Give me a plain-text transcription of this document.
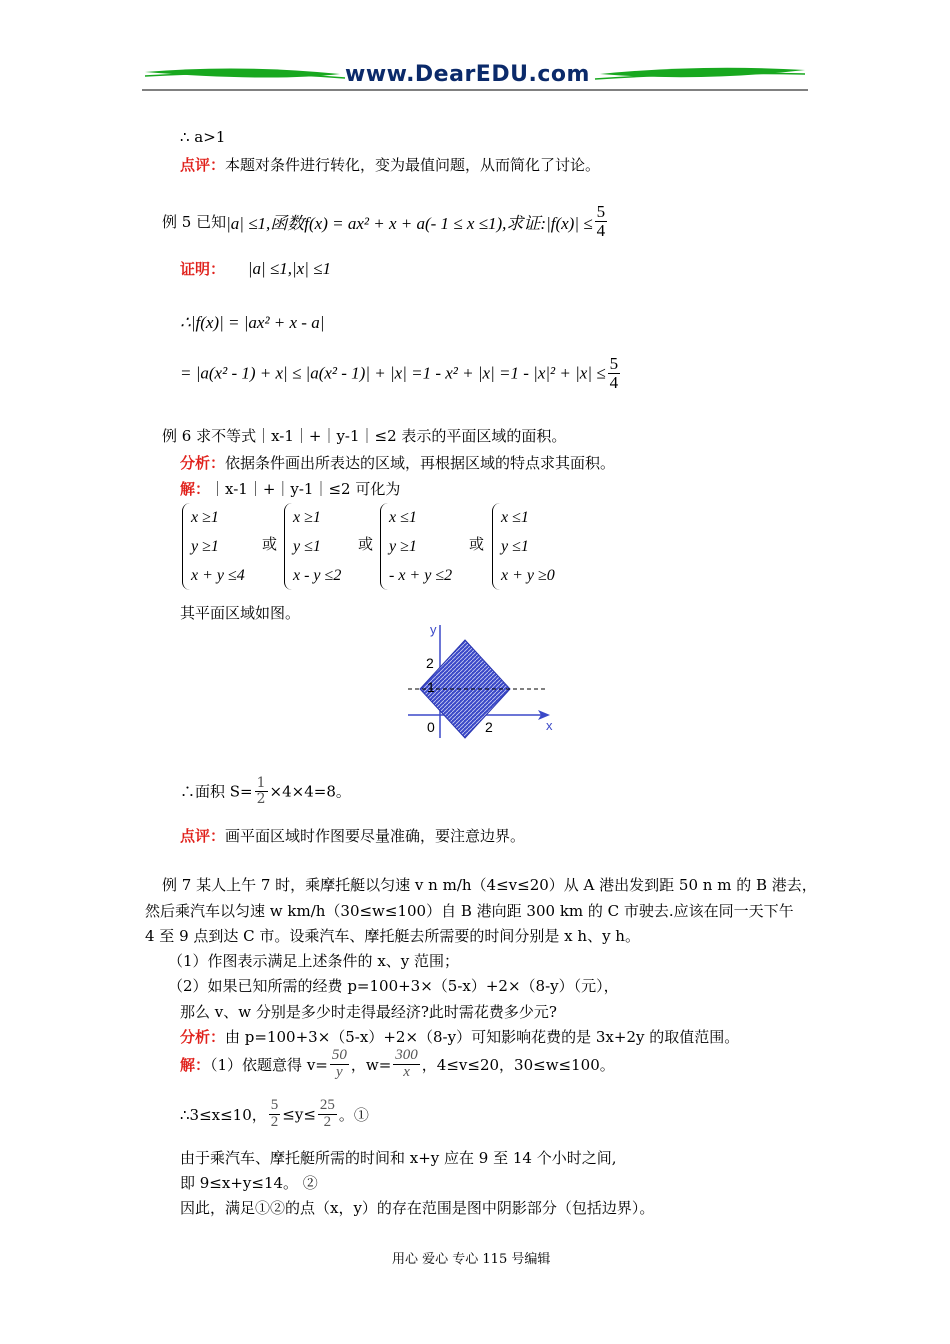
www.DearEDU.com
∴ a>1
点评：本题对条件进行转化，变为最值问题，从而简化了讨论。
例 5 已知|a| ≤1,函数f(x) = ax² + x + a(- 1 ≤ x ≤1),求证:|f(x)| ≤ $\frac{5}{4}$
证明： |a| ≤1,|x| ≤1
∴|f(x)| = |ax² + x - a|
= $|a(x^2 - 1) + x| \le |a(x^2 - 1)| + |x| =1 - x^2 + |x| =1 - |x|^2 + |x| \le \frac{5}{4}$
例 6 求不等式｜x-1｜+｜y-1｜≤2 表示的平面区域的面积。
分析：依据条件画出所表达的区域，再根据区域的特点求其面积。
解：｜x-1｜+｜y-1｜≤2 可化为
x ≥1
y ≥1
x + y ≤4
或
x ≥1
y ≤1
x - y ≤2
或
x ≤1
y ≥1
- x + y ≤2
或
x ≤1
y ≤1
x + y ≥0
其平面区域如图。
y
x
2
1
0	2
∴面积 $S= \frac{1}{2} \times 4\times 4=8$。
点评：画平面区域时作图要尽量准确，要注意边界。
例 7 某人上午 7 时，乘摩托艇以匀速 v n m/h（4≤v≤20）从 A 港出发到距 50 n m 的 B 港去，
然后乘汽车以匀速 w km/h（30≤w≤100）自 B 港向距 300 km 的 C 市驶去.应该在同一天下午
4 至 9 点到达 C 市。设乘汽车、摩托艇去所需要的时间分别是 x h、y h。
（1）作图表示满足上述条件的 x、y 范围；
（2）如果已知所需的经费 p=100+3×（5-x）+2×（8-y）（元），
那么 v、w 分别是多少时走得最经济?此时需花费多少元?
分析：由 p=100+3×（5-x）+2×（8-y）可知影响花费的是 3x+2y 的取值范围。
解：（1）依题意得 $v= \frac{50}{y}$ ，$w= \frac{300}{x}$ ，4≤v≤20，30≤w≤100。
∴3≤x≤10， $\frac{5}{2} \le y\le \frac{25}{2}$ 。①
由于乘汽车、摩托艇所需的时间和 x+y 应在 9 至 14 个小时之间,
即 9≤x+y≤14。 ②
因此，满足①②的点（x，y）的存在范围是图中阴影部分（包括边界）。
用心 爱心 专心 115 号编辑
